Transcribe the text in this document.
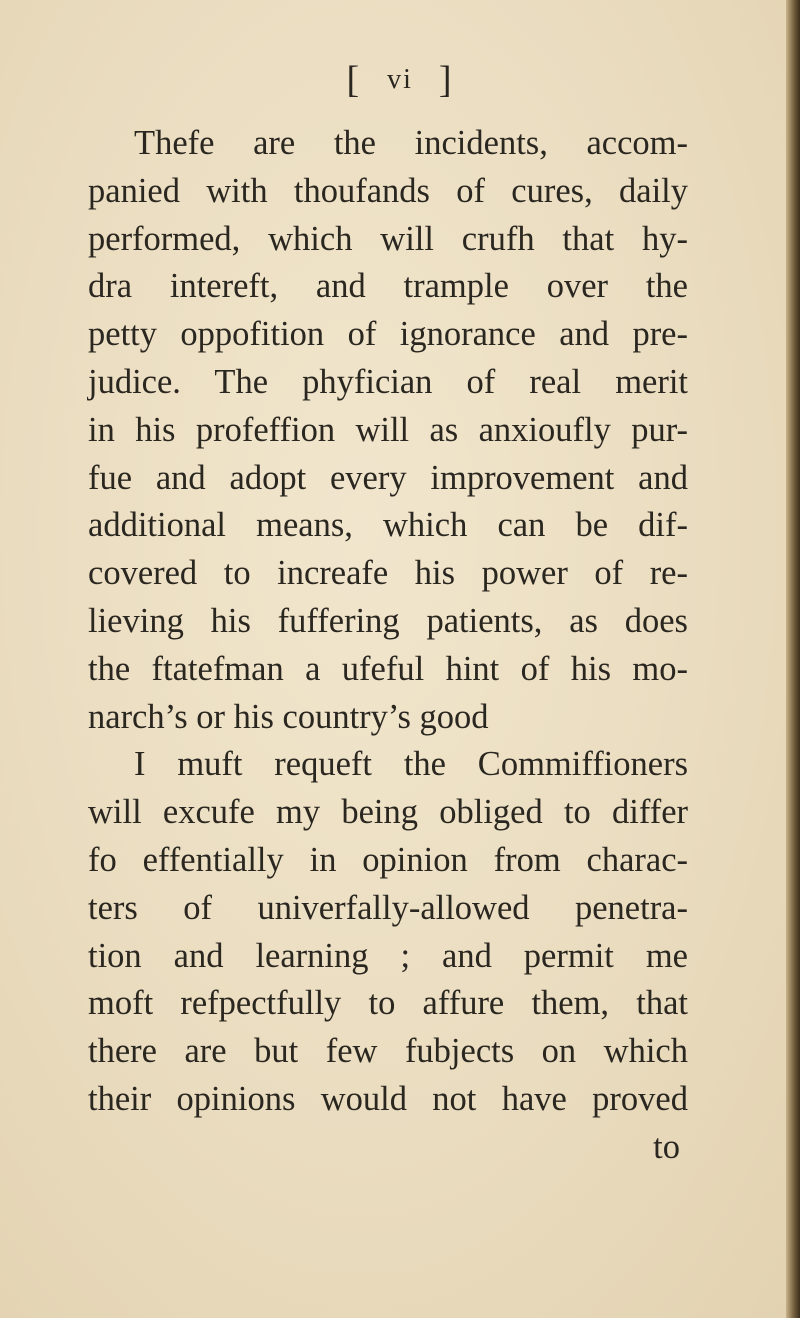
[ vi ]
Thefe are the incidents, accom-
panied with thoufands of cures, daily
performed, which will crufh that hy-
dra intereft, and trample over the
petty oppofition of ignorance and pre-
judice. The phyfician of real merit
in his profeffion will as anxioufly pur-
fue and adopt every improvement and
additional means, which can be dif-
covered to increafe his power of re-
lieving his fuffering patients, as does
the ftatefman a ufeful hint of his mo-
narch’s or his country’s good
I muft requeft the Commiffioners
will excufe my being obliged to differ
fo effentially in opinion from charac-
ters of univerfally-allowed penetra-
tion and learning ; and permit me
moft refpectfully to affure them, that
there are but few fubjects on which
their opinions would not have proved
to
